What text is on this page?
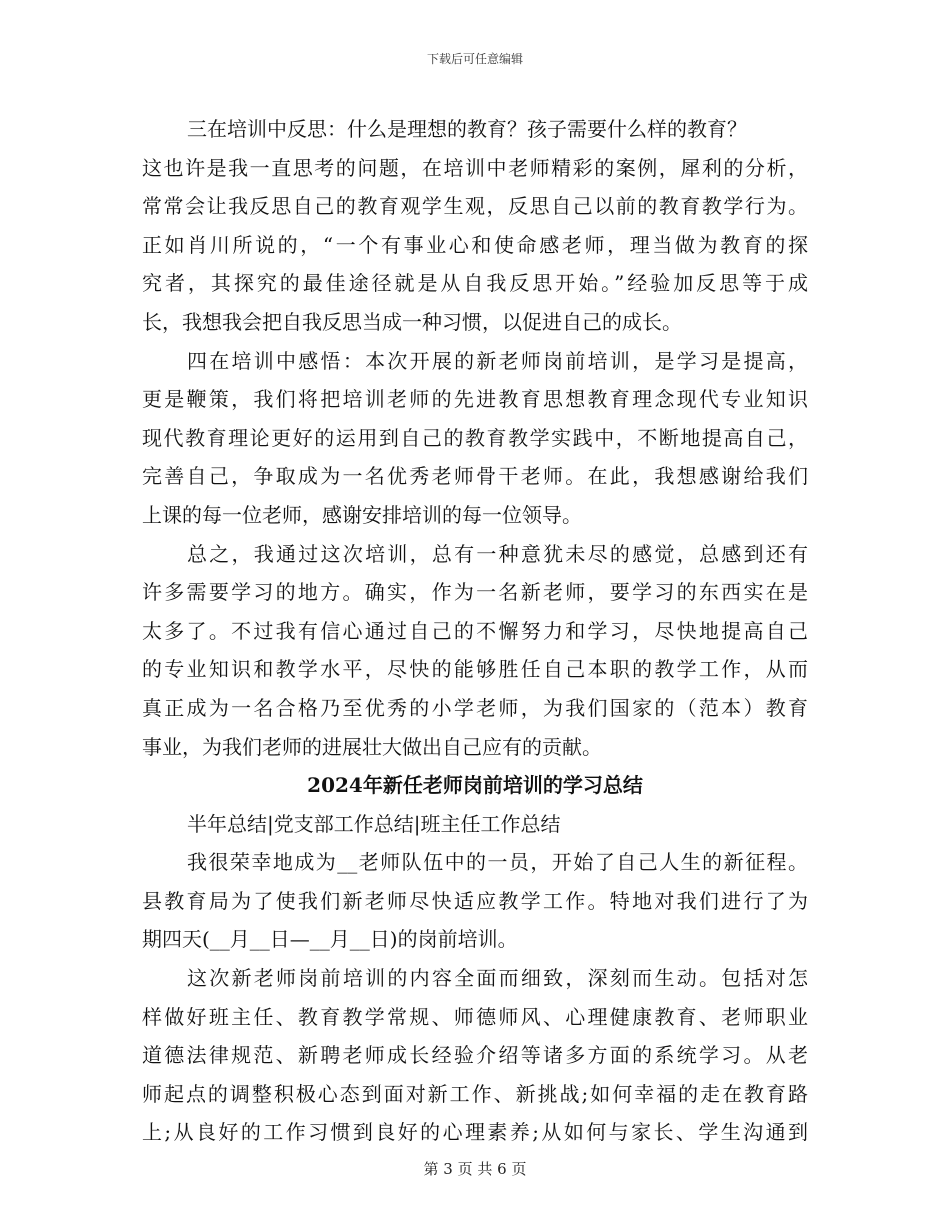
下载后可任意编辑
三在培训中反思：什么是理想的教育？孩子需要什么样的教育？
这也许是我一直思考的问题，在培训中老师精彩的案例，犀利的分析，
常常会让我反思自己的教育观学生观，反思自己以前的教育教学行为。
正如肖川所说的，“一个有事业心和使命感老师，理当做为教育的探
究者，其探究的最佳途径就是从自我反思开始。”经验加反思等于成
长，我想我会把自我反思当成一种习惯，以促进自己的成长。
四在培训中感悟：本次开展的新老师岗前培训，是学习是提高，
更是鞭策，我们将把培训老师的先进教育思想教育理念现代专业知识
现代教育理论更好的运用到自己的教育教学实践中，不断地提高自己，
完善自己，争取成为一名优秀老师骨干老师。在此，我想感谢给我们
上课的每一位老师，感谢安排培训的每一位领导。
总之，我通过这次培训，总有一种意犹未尽的感觉，总感到还有
许多需要学习的地方。确实，作为一名新老师，要学习的东西实在是
太多了。不过我有信心通过自己的不懈努力和学习，尽快地提高自己
的专业知识和教学水平，尽快的能够胜任自己本职的教学工作，从而
真正成为一名合格乃至优秀的小学老师，为我们国家的（范本）教育
事业，为我们老师的进展壮大做出自己应有的贡献。
2024年新任老师岗前培训的学习总结
半年总结|党支部工作总结|班主任工作总结
我很荣幸地成为__老师队伍中的一员，开始了自己人生的新征程。
县教育局为了使我们新老师尽快适应教学工作。特地对我们进行了为
期四天(__月__日—__月__日)的岗前培训。
这次新老师岗前培训的内容全面而细致，深刻而生动。包括对怎
样做好班主任、教育教学常规、师德师风、心理健康教育、老师职业
道德法律规范、新聘老师成长经验介绍等诸多方面的系统学习。从老
师起点的调整积极心态到面对新工作、新挑战;如何幸福的走在教育路
上;从良好的工作习惯到良好的心理素养;从如何与家长、学生沟通到
第 3 页 共 6 页
